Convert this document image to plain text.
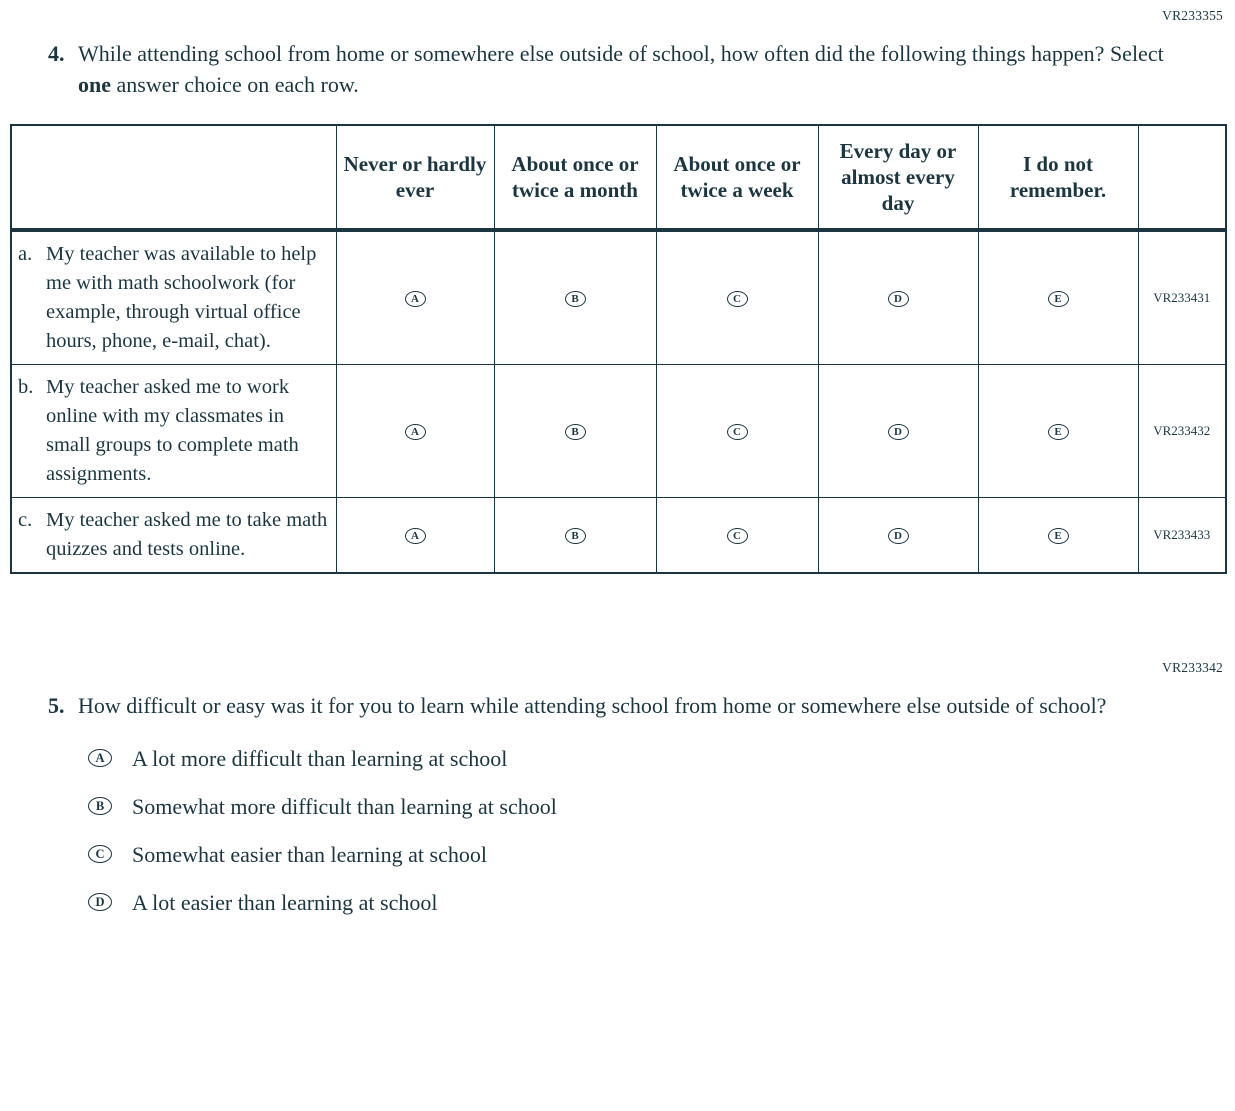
VR233355
4. While attending school from home or somewhere else outside of school, how often did the following things happen? Select one answer choice on each row.
	Never or hardly ever	About once or twice a month	About once or twice a week	Every day or almost every day	I do not remember.	

a. My teacher was available to help me with math schoolwork (for example, through virtual office hours, phone, e-mail, chat).	A	B	C	D	E	VR233431

b. My teacher asked me to work online with my classmates in small groups to complete math assignments.	A	B	C	D	E	VR233432

c. My teacher asked me to take math quizzes and tests online.	A	B	C	D	E	VR233433
VR233342
5. How difficult or easy was it for you to learn while attending school from home or somewhere else outside of school?
A	A lot more difficult than learning at school
B	Somewhat more difficult than learning at school
C	Somewhat easier than learning at school
D	A lot easier than learning at school
